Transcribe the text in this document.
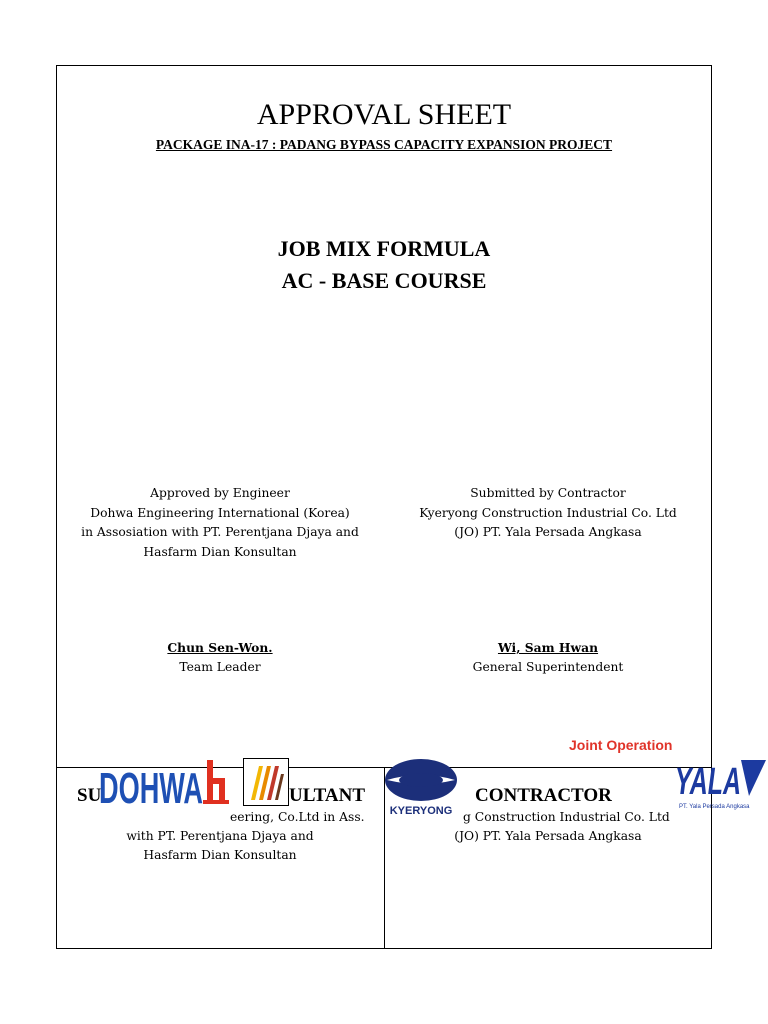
APPROVAL SHEET
PACKAGE INA-17 : PADANG BYPASS CAPACITY EXPANSION PROJECT
JOB MIX FORMULA
AC - BASE COURSE
Approved by Engineer
Dohwa Engineering International (Korea)
in Assosiation with PT. Perentjana Djaya and
Hasfarm Dian Konsultan
Submitted by Contractor
Kyeryong Construction Industrial Co. Ltd
(JO) PT. Yala Persada Angkasa
Chun Sen-Won.
Team Leader
Wi, Sam Hwan
General Superintendent
SU	ULTANT
eering, Co.Ltd in Ass.
with PT. Perentjana Djaya and
Hasfarm Dian Konsultan
CONTRACTOR
g Construction Industrial Co. Ltd
(JO) PT. Yala Persada Angkasa
DOHWA	KYERYONG
Joint Operation
YALA
PT. Yala Persada Angkasa
